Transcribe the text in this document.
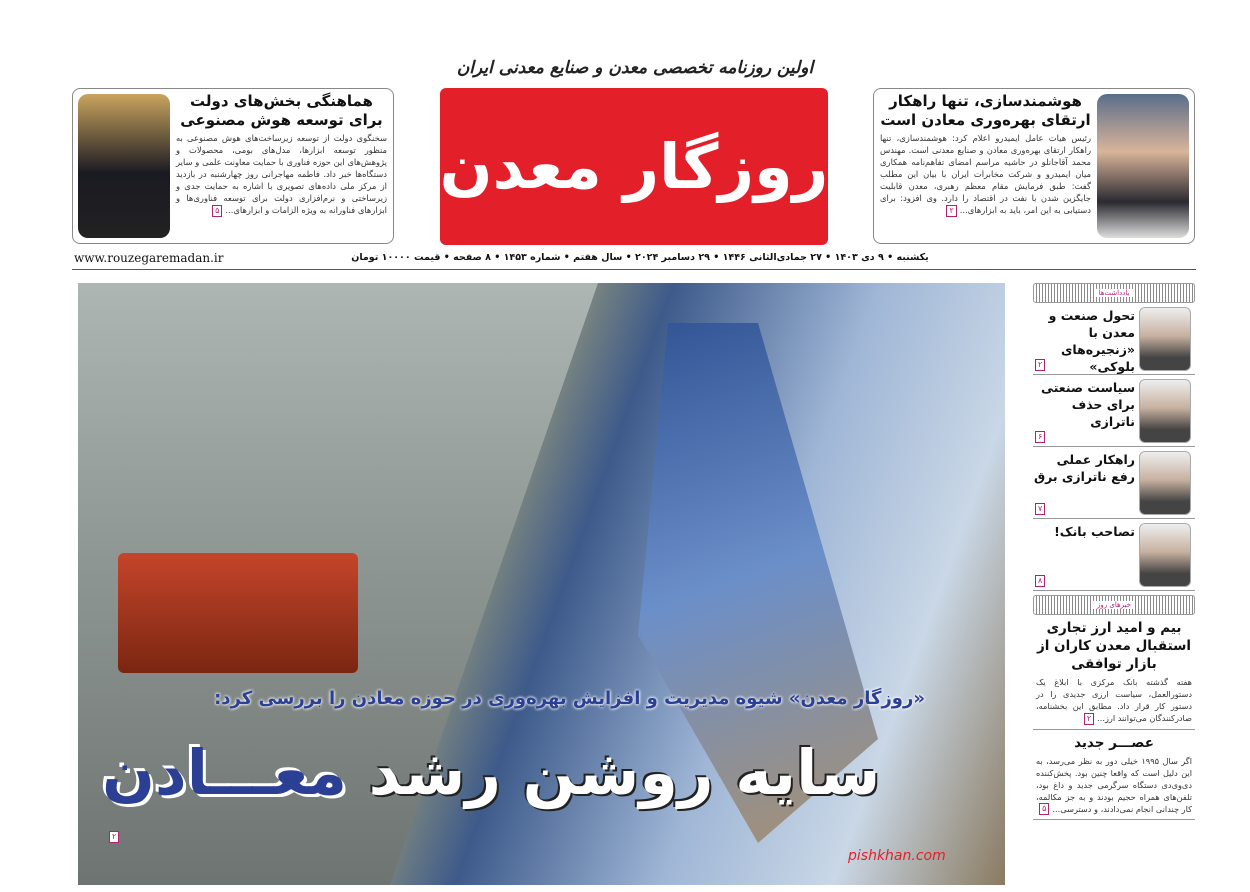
اولین روزنامه تخصصی معدن و صنایع معدنی ایران
روزگار معدن
هماهنگی بخش‌های دولت برای توسعه هوش مصنوعی

سخنگوی دولت از توسعه زیرساخت‌های هوش مصنوعی به منظور توسعه ابزارها، مدل‌های بومی، محصولات و پژوهش‌های این حوزه فناوری با حمایت معاونت علمی و سایر دستگاه‌ها خبر داد. فاطمه مهاجرانی روز چهارشنبه در بازدید از مرکز ملی داده‌های تصویری با اشاره به حمایت جدی و زیرساختی و نرم‌افزاری دولت برای توسعه فناوری‌ها و ابزارهای فناورانه به ویژه الزامات و ابزارهای...۵

هوشمندسازی، تنها راهکار ارتقای بهره‌وری معادن است

رئیس هیات عامل ایمیدرو اعلام کرد: هوشمندسازی، تنها راهکار ارتقای بهره‌وری معادن و صنایع معدنی است. مهندس محمد آقاجانلو در حاشیه مراسم امضای تفاهم‌نامه همکاری میان ایمیدرو و شرکت مخابرات ایران با بیان این مطلب گفت: طبق فرمایش مقام معظم رهبری، معدن قابلیت جایگزین شدن با نفت در اقتصاد را دارد. وی افزود: برای دستیابی به این امر، باید به ابزارهای...۲

www.rouzegaremadan.ir	یکشنبه • ۹ دی ۱۴۰۳ • ۲۷ جمادی‌الثانی ۱۴۴۶ • ۲۹ دسامبر ۲۰۲۴ • سال هفتم • شماره ۱۴۵۳ • ۸ صفحه • قیمت ۱۰۰۰۰ تومان
«روزگار معدن» شیوه مدیریت و افزایش بهره‌وری در حوزه معادن را بررسی کرد:
سایه روشن رشد معـــادن
۲
pishkhan.com
یادداشت‌ها
تحول صنعت و معدن با «زنجیره‌های بلوکی»
۲
سیاست صنعتی برای حذف ناترازی
۶
راهکار عملی رفع ناترازی برق
۷
تصاحب بانک!
۸
خبرهای روز
بیم و امید ارز تجاری استقبال معدن کاران از بازار توافقی

هفته گذشته بانک مرکزی با ابلاغ یک دستورالعمل، سیاست ارزی جدیدی را در دستور کار قرار داد. مطابق این بخشنامه، صادرکنندگان می‌توانند ارز...۲

عصـــر جدید

اگر سال ۱۹۹۵ خیلی دور به نظر می‌رسد، به این دلیل است که واقعا چنین بود. پخش‌کننده دی‌وی‌دی دستگاه سرگرمی جدید و داغ بود، تلفن‌های همراه حجیم بودند و به جز مکالمه، کار چندانی انجام نمی‌دادند، و دسترسی...۵
